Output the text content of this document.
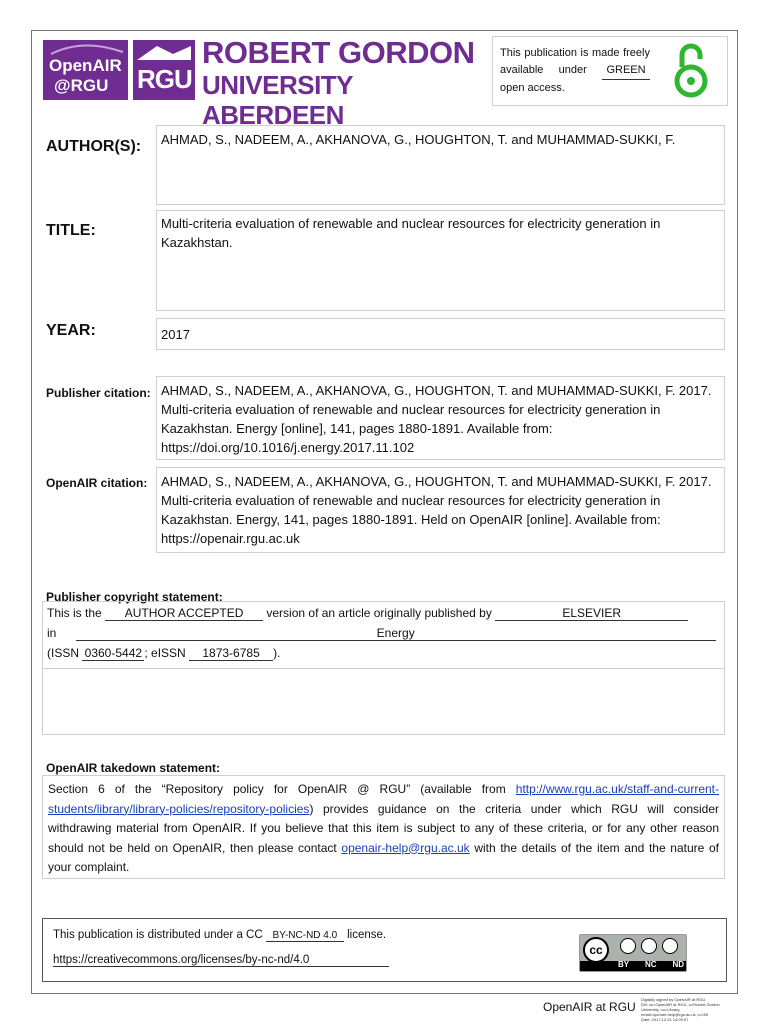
OpenAIR
@RGU RGU
ROBERT GORDON
UNIVERSITY ABERDEEN
This publication is made freely available under GREEN open access.
AUTHOR(S):	AHMAD, S., NADEEM, A., AKHANOVA, G., HOUGHTON, T. and MUHAMMAD-SUKKI, F.
TITLE:	Multi-criteria evaluation of renewable and nuclear resources for electricity generation in Kazakhstan.
YEAR:	2017
Publisher citation: AHMAD, S., NADEEM, A., AKHANOVA, G., HOUGHTON, T. and MUHAMMAD-SUKKI, F. 2017. Multi-criteria evaluation of renewable and nuclear resources for electricity generation in Kazakhstan. Energy [online], 141, pages 1880-1891. Available from: https://doi.org/10.1016/j.energy.2017.11.102
OpenAIR citation:	AHMAD, S., NADEEM, A., AKHANOVA, G., HOUGHTON, T. and MUHAMMAD-SUKKI, F. 2017. Multi-criteria evaluation of renewable and nuclear resources for electricity generation in Kazakhstan. Energy, 141, pages 1880-1891. Held on OpenAIR [online]. Available from: https://openair.rgu.ac.uk
Publisher copyright statement:
This is the AUTHOR ACCEPTED version of an article originally published by	ELSEVIER
in	Energy
(ISSN 0360-5442 ; eISSN 1873-6785 ).
OpenAIR takedown statement:
Section 6 of the “Repository policy for OpenAIR @ RGU” (available from http://www.rgu.ac.uk/staff-and-current-students/library/library-policies/repository-policies) provides guidance on the criteria under which RGU will consider withdrawing material from OpenAIR. If you believe that this item is subject to any of these criteria, or for any other reason should not be held on OpenAIR, then please contact openair-help@rgu.ac.uk with the details of the item and the nature of your complaint.
This publication is distributed under a CC BY-NC-ND 4.0 license.
https://creativecommons.org/licenses/by-nc-nd/4.0
cc
BY NC ND
OpenAIR at RGU
Digitally signed by OpenAIR at RGU
DN: cn=OpenAIR at RGU, o=Robert Gordon
University, ou=Library,
email=openair-help@rgu.ac.uk, c=GB
Date: 2017.12.01 14:09:57
